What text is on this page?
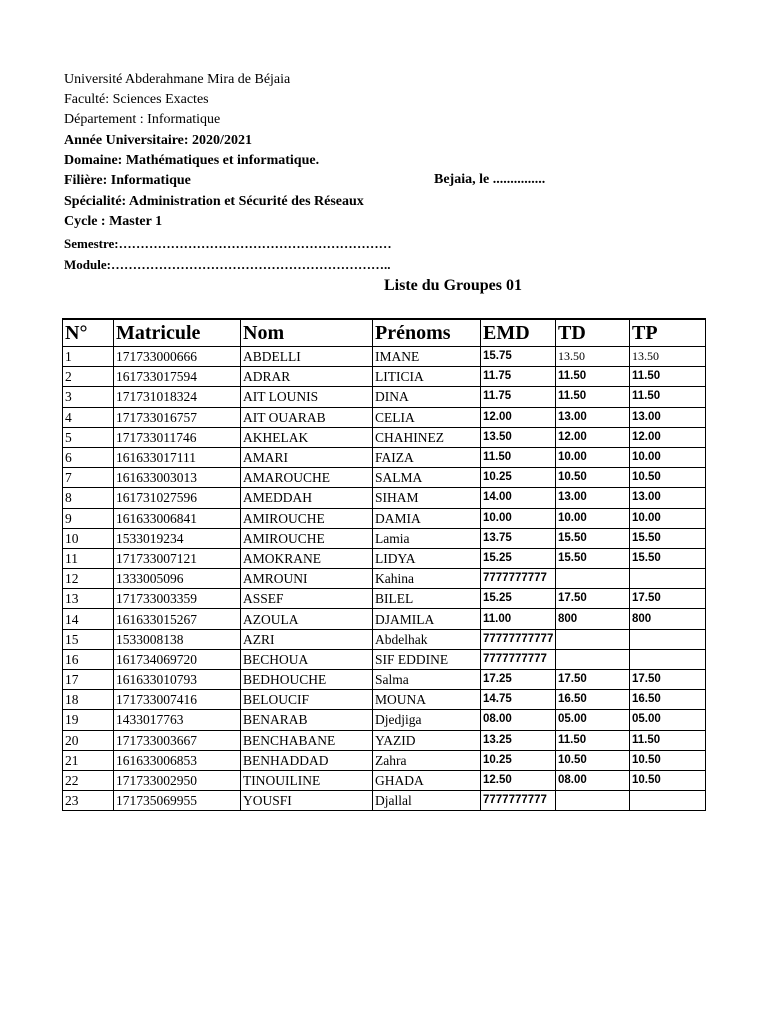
Université Abderahmane Mira de Béjaia
Faculté: Sciences Exactes
Département : Informatique
Année Universitaire: 2020/2021
Domaine: Mathématiques et informatique.
Filière: Informatique	Bejaia, le ...............
Spécialité: Administration et Sécurité des Réseaux
Cycle : Master 1
Semestre:………………………………………………………
Module:………………………………………………………..
Liste du Groupes 01
N°	Matricule	Nom	Prénoms	EMD	TD	TP
1	171733000666	ABDELLI	IMANE	15.75	13.50	13.50
2	161733017594	ADRAR	LITICIA	11.75	11.50	11.50
3	171731018324	AIT LOUNIS	DINA	11.75	11.50	11.50
4	171733016757	AIT OUARAB	CELIA	12.00	13.00	13.00
5	171733011746	AKHELAK	CHAHINEZ	13.50	12.00	12.00
6	161633017111	AMARI	FAIZA	11.50	10.00	10.00
7	161633003013	AMAROUCHE	SALMA	10.25	10.50	10.50
8	161731027596	AMEDDAH	SIHAM	14.00	13.00	13.00
9	161633006841	AMIROUCHE	DAMIA	10.00	10.00	10.00
10	1533019234	AMIROUCHE	Lamia	13.75	15.50	15.50
11	171733007121	AMOKRANE	LIDYA	15.25	15.50	15.50
12	1333005096	AMROUNI	Kahina	7777777777		
13	171733003359	ASSEF	BILEL	15.25	17.50	17.50
14	161633015267	AZOULA	DJAMILA	11.00	800	800
15	1533008138	AZRI	Abdelhak	77777777777		
16	161734069720	BECHOUA	SIF EDDINE	7777777777		
17	161633010793	BEDHOUCHE	Salma	17.25	17.50	17.50
18	171733007416	BELOUCIF	MOUNA	14.75	16.50	16.50
19	1433017763	BENARAB	Djedjiga	08.00	05.00	05.00
20	171733003667	BENCHABANE	YAZID	13.25	11.50	11.50
21	161633006853	BENHADDAD	Zahra	10.25	10.50	10.50
22	171733002950	TINOUILINE	GHADA	12.50	08.00	10.50
23	171735069955	YOUSFI	Djallal	7777777777		
